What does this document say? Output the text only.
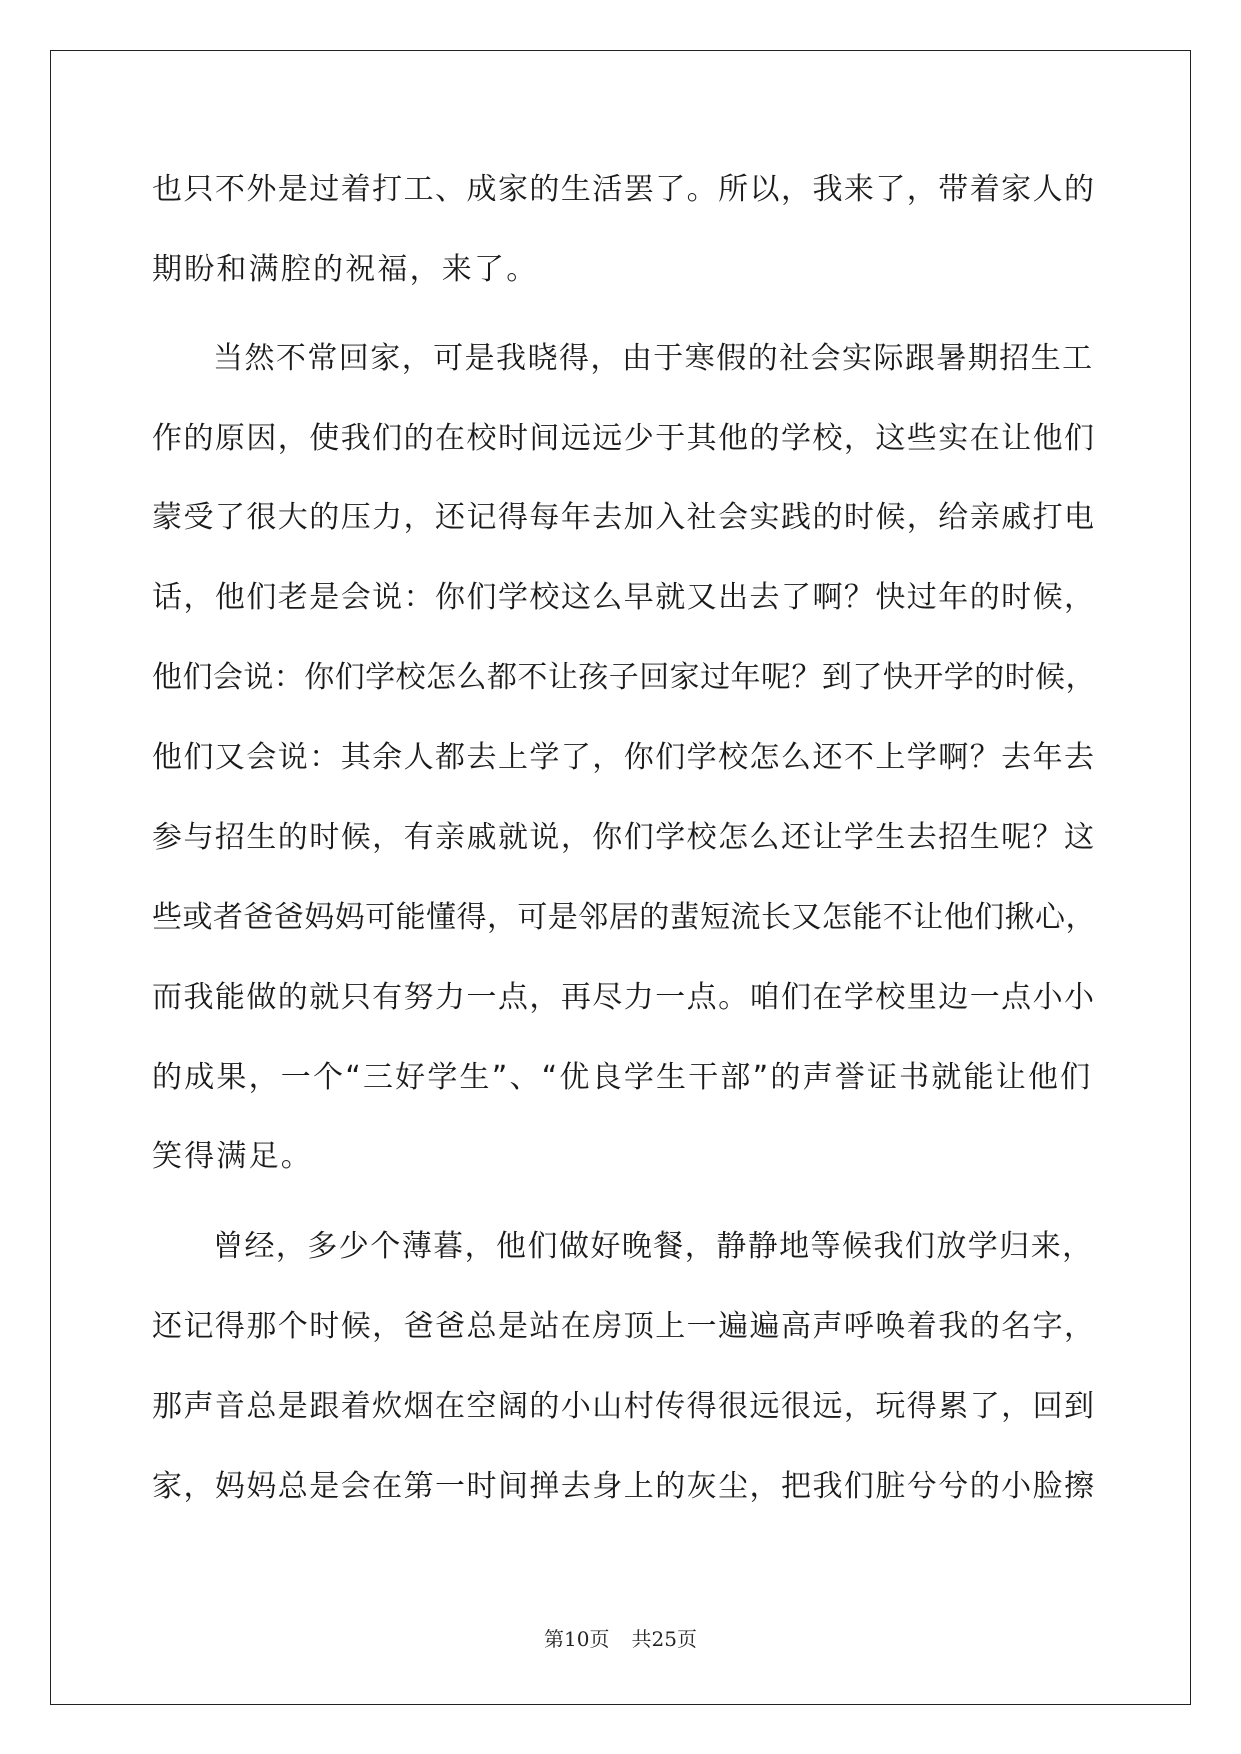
也只不外是过着打工、成家的生活罢了。所以，我来了，带着家人的
期盼和满腔的祝福，来了。
当然不常回家，可是我晓得，由于寒假的社会实际跟暑期招生工
作的原因，使我们的在校时间远远少于其他的学校，这些实在让他们
蒙受了很大的压力，还记得每年去加入社会实践的时候，给亲戚打电
话，他们老是会说：你们学校这么早就又出去了啊？快过年的时候，
他们会说：你们学校怎么都不让孩子回家过年呢？到了快开学的时候，
他们又会说：其余人都去上学了，你们学校怎么还不上学啊？去年去
参与招生的时候，有亲戚就说，你们学校怎么还让学生去招生呢？这
些或者爸爸妈妈可能懂得，可是邻居的蜚短流长又怎能不让他们揪心，
而我能做的就只有努力一点，再尽力一点。咱们在学校里边一点小小
的成果，一个“三好学生”、“优良学生干部”的声誉证书就能让他们
笑得满足。
曾经，多少个薄暮，他们做好晚餐，静静地等候我们放学归来，
还记得那个时候，爸爸总是站在房顶上一遍遍高声呼唤着我的名字，
那声音总是跟着炊烟在空阔的小山村传得很远很远，玩得累了，回到
家，妈妈总是会在第一时间掸去身上的灰尘，把我们脏兮兮的小脸擦
第10页 共25页
